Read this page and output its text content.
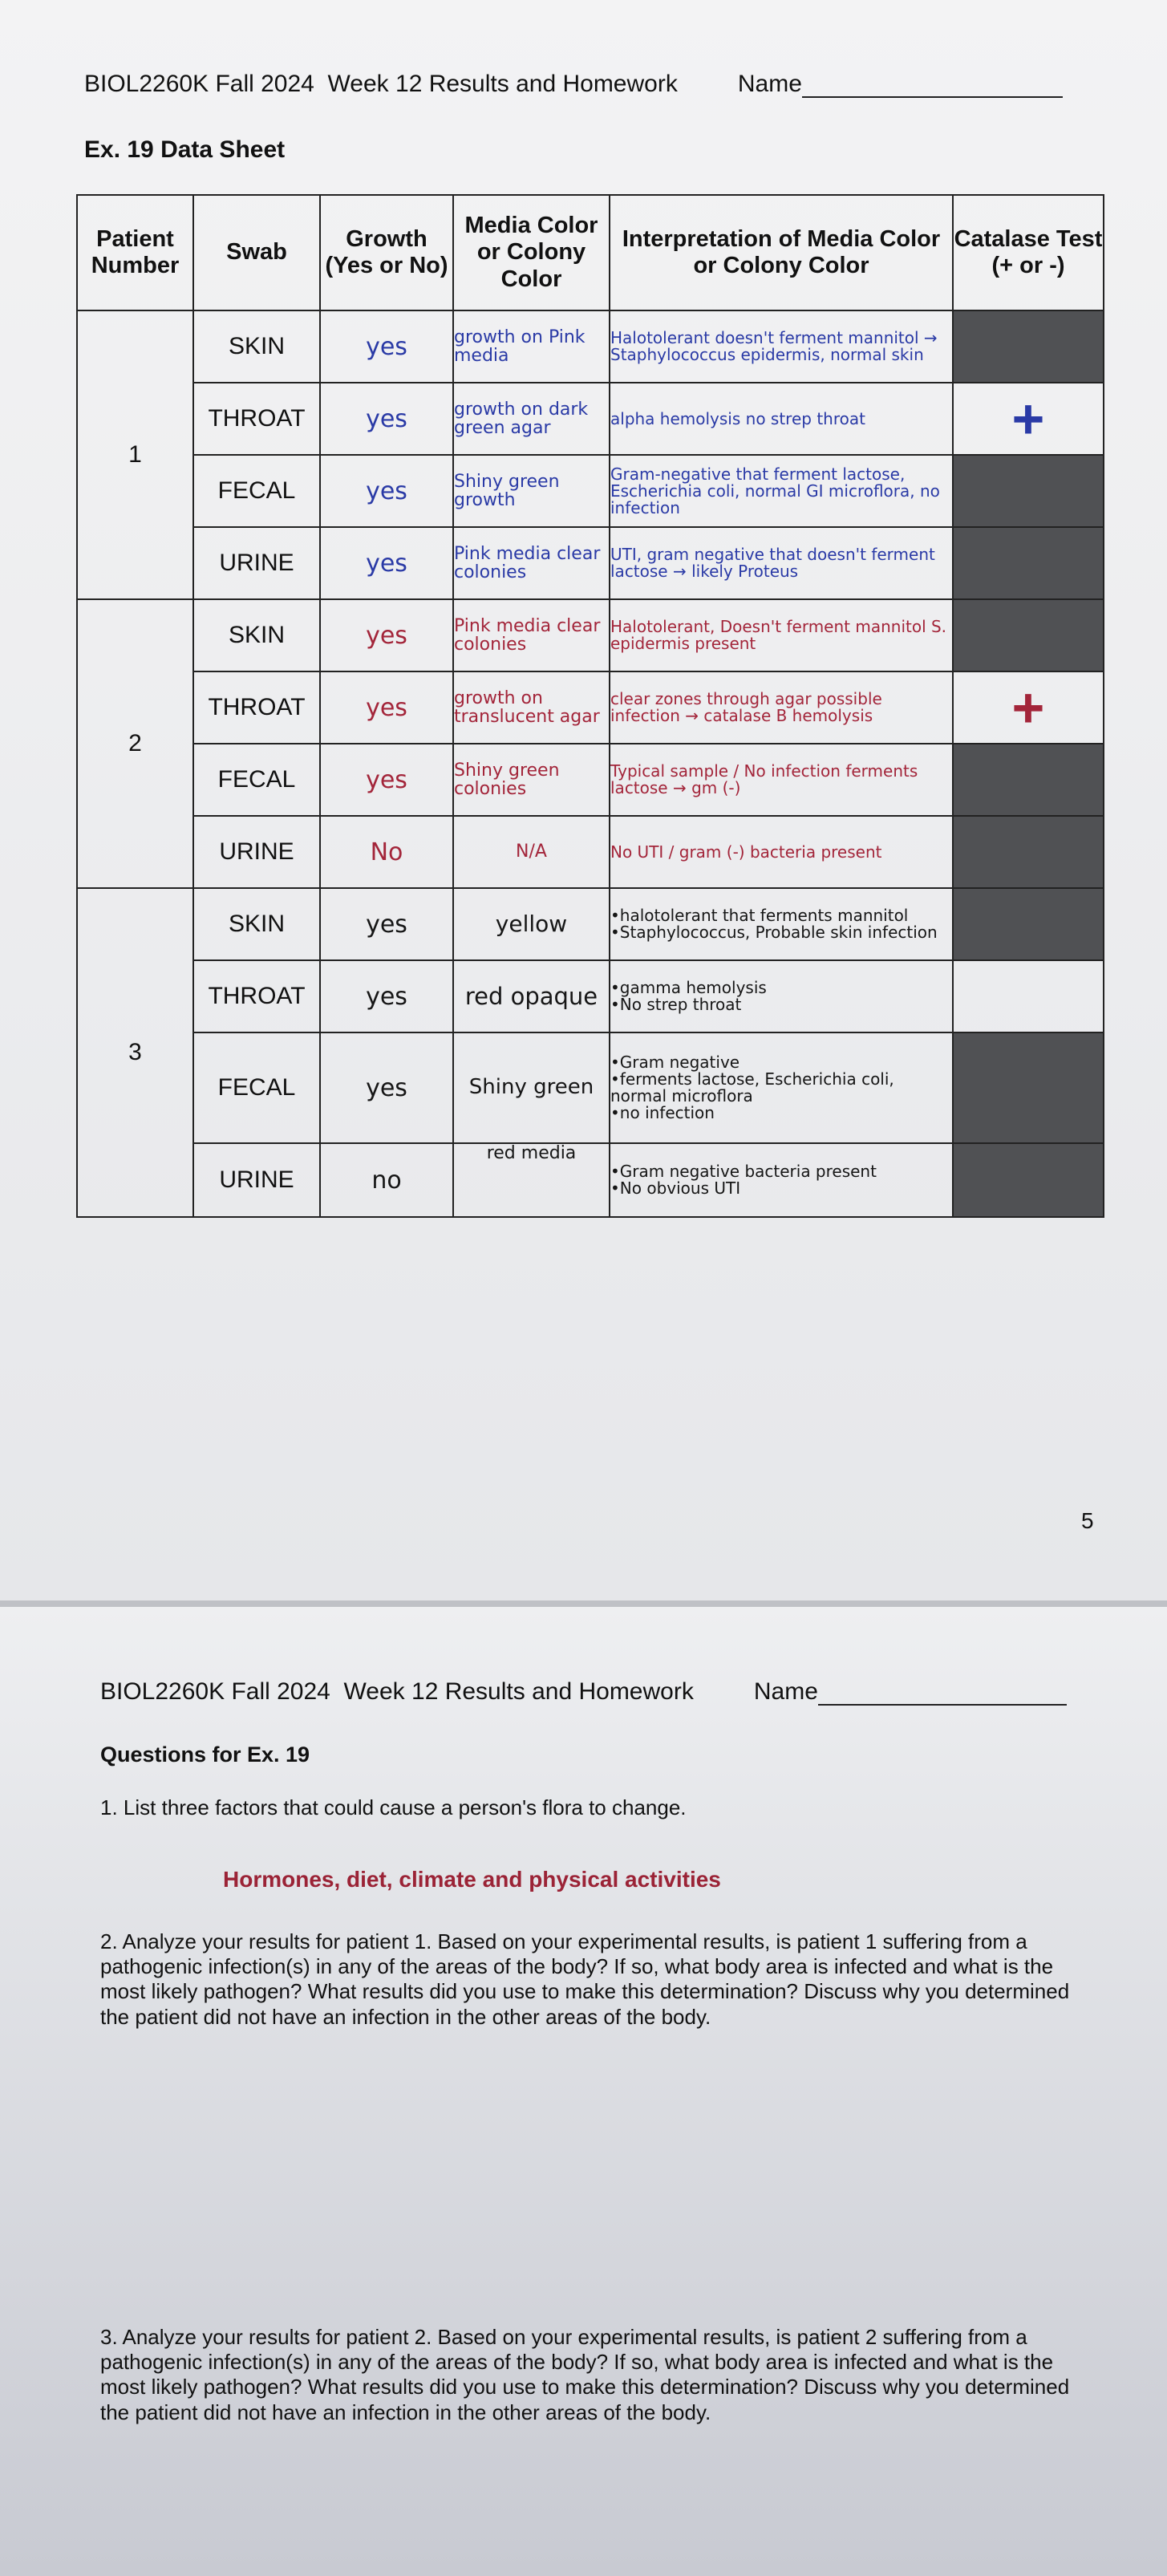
BIOL2260K Fall 2024  Week 12 Results and Homework	Name
Ex. 19 Data Sheet
Patient Number	Swab	Growth (Yes or No)	Media Color or Colony Color	Interpretation of Media Color or Colony Color	Catalase Test (+ or -)
1	SKIN	yes	growth on Pink media	Halotolerant doesn't ferment mannitol → Staphylococcus epidermis, normal skin	
	THROAT	yes	growth on dark green agar	alpha hemolysis no strep throat	+
	FECAL	yes	Shiny green growth	Gram-negative that ferment lactose, Escherichia coli, normal GI microflora, no infection	
	URINE	yes	Pink media clear colonies	UTI, gram negative that doesn't ferment lactose → likely Proteus	
2	SKIN	yes	Pink media clear colonies	Halotolerant, Doesn't ferment mannitol S. epidermis present	
	THROAT	yes	growth on translucent agar	clear zones through agar possible infection → catalase B hemolysis	+
	FECAL	yes	Shiny green colonies	Typical sample / No infection ferments lactose → gm (-)	
	URINE	No	N/A	No UTI / gram (-) bacteria present	
3	SKIN	yes	yellow	•halotolerant that ferments mannitol
•Staphylococcus, Probable skin infection	
	THROAT	yes	red opaque	•gamma hemolysis
•No strep throat	
	FECAL	yes	Shiny green	•Gram negative
•ferments lactose, Escherichia coli, normal microflora
•no infection	
	URINE	no	red media	•Gram negative bacteria present
•No obvious UTI	
5
BIOL2260K Fall 2024  Week 12 Results and Homework	Name
Questions for Ex. 19
1. List three factors that could cause a person's flora to change.
Hormones, diet, climate and physical activities
2. Analyze your results for patient 1. Based on your experimental results, is patient 1 suffering from a pathogenic infection(s) in any of the areas of the body? If so, what body area is infected and what is the most likely pathogen? What results did you use to make this determination? Discuss why you determined the patient did not have an infection in the other areas of the body.
3. Analyze your results for patient 2. Based on your experimental results, is patient 2 suffering from a pathogenic infection(s) in any of the areas of the body? If so, what body area is infected and what is the most likely pathogen? What results did you use to make this determination? Discuss why you determined the patient did not have an infection in the other areas of the body.
